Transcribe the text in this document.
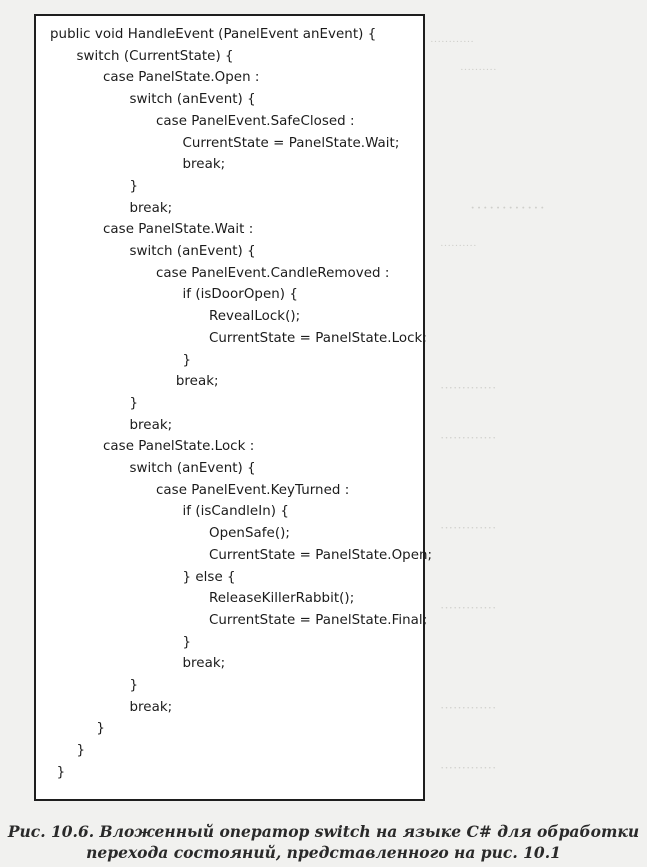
············
··········
············
··········
·············
·············
·············
·············
·············
·············
public void HandleEvent (PanelEvent anEvent) {
switch (CurrentState) {
case PanelState.Open :
switch (anEvent) {
case PanelEvent.SafeClosed :
CurrentState = PanelState.Wait;
break;
}
break;
case PanelState.Wait :
switch (anEvent) {
case PanelEvent.CandleRemoved :
if (isDoorOpen) {
RevealLock();
CurrentState = PanelState.Lock;
}
break;
}
break;
case PanelState.Lock :
switch (anEvent) {
case PanelEvent.KeyTurned :
if (isCandleIn) {
OpenSafe();
CurrentState = PanelState.Open;
} else {
ReleaseKillerRabbit();
CurrentState = PanelState.Final;
}
break;
}
break;
}
}
}
Рис. 10.6. Вложенный оператор switch на языке C# для обработки
перехода состояний, представленного на рис. 10.1
